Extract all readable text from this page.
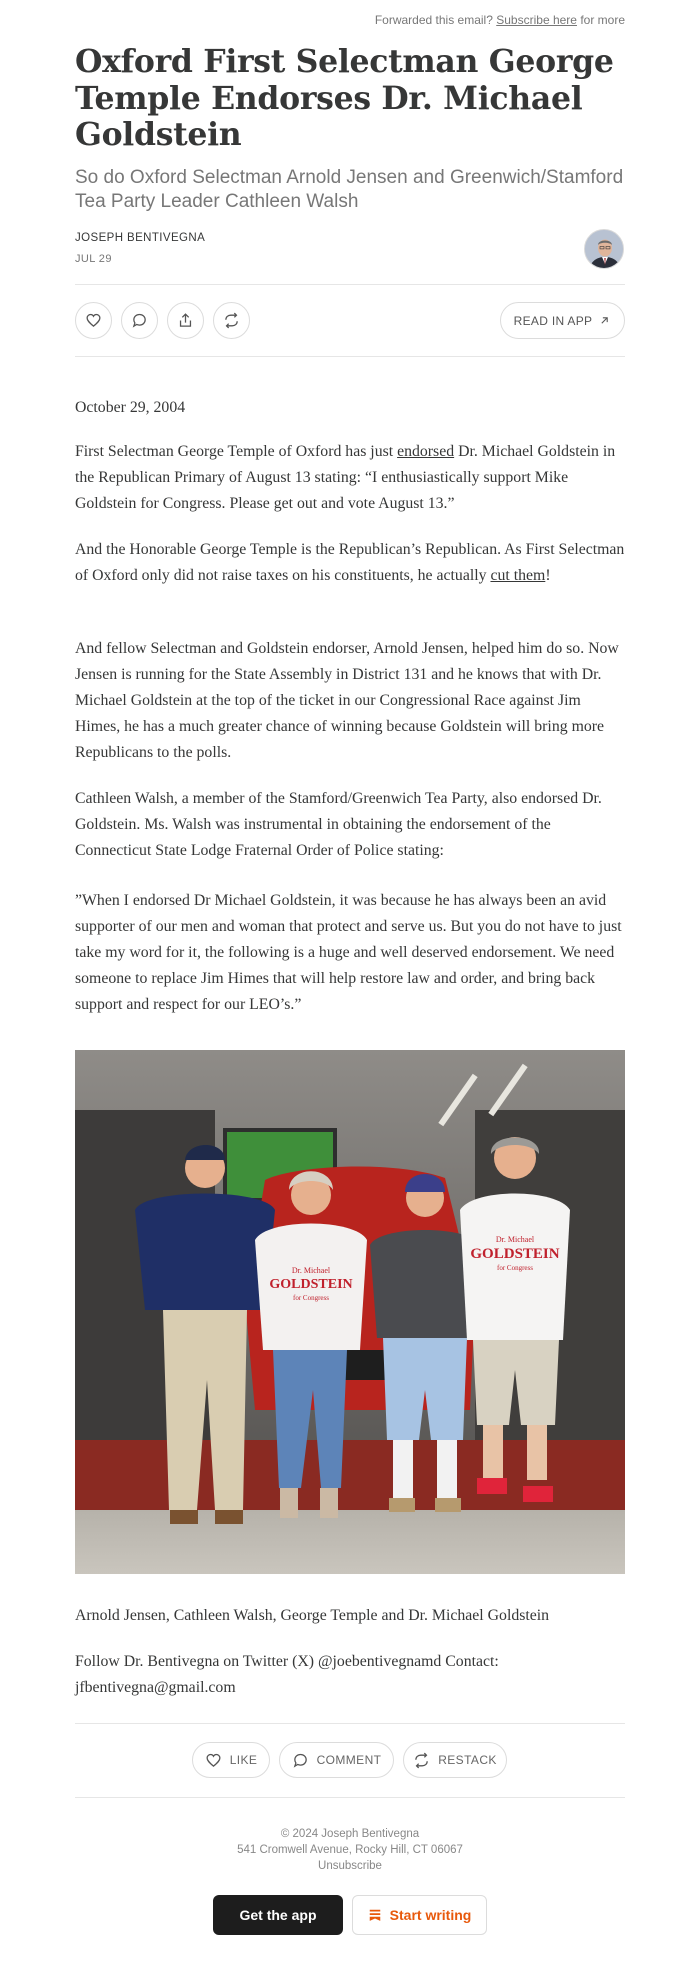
Forwarded this email? Subscribe here for more
Oxford First Selectman George Temple Endorses Dr. Michael Goldstein
So do Oxford Selectman Arnold Jensen and Greenwich/Stamford Tea Party Leader Cathleen Walsh
JOSEPH BENTIVEGNA
JUL 29
READ IN APP

October 29, 2004

First Selectman George Temple of Oxford has just endorsed Dr. Michael Goldstein in the Republican Primary of August 13 stating: “I enthusiastically support Mike Goldstein for Congress. Please get out and vote August 13.”

And the Honorable George Temple is the Republican’s Republican. As First Selectman of Oxford only did not raise taxes on his constituents, he actually cut them!

And fellow Selectman and Goldstein endorser, Arnold Jensen, helped him do so. Now Jensen is running for the State Assembly in District 131 and he knows that with Dr. Michael Goldstein at the top of the ticket in our Congressional Race against Jim Himes, he has a much greater chance of winning because Goldstein will bring more Republicans to the polls.

Cathleen Walsh, a member of the Stamford/Greenwich Tea Party, also endorsed Dr. Goldstein. Ms. Walsh was instrumental in obtaining the endorsement of the Connecticut State Lodge Fraternal Order of Police stating:

”When I endorsed Dr Michael Goldstein, it was because he has always been an avid supporter of our men and woman that protect and serve us. But you do not have to just take my word for it, the following is a huge and well deserved endorsement. We need someone to replace Jim Himes that will help restore law and order, and bring back support and respect for our LEO’s.”

Dr. Michael
GOLDSTEIN
for Congress
Dr. Michael
GOLDSTEIN
for Congress

Arnold Jensen, Cathleen Walsh, George Temple and Dr. Michael Goldstein

Follow Dr. Bentivegna on Twitter (X) @joebentivegnamd Contact: jfbentivegna@gmail.com

LIKE	COMMENT	RESTACK
© 2024 Joseph Bentivegna
541 Cromwell Avenue, Rocky Hill, CT 06067
Unsubscribe
Get the app	Start writing
